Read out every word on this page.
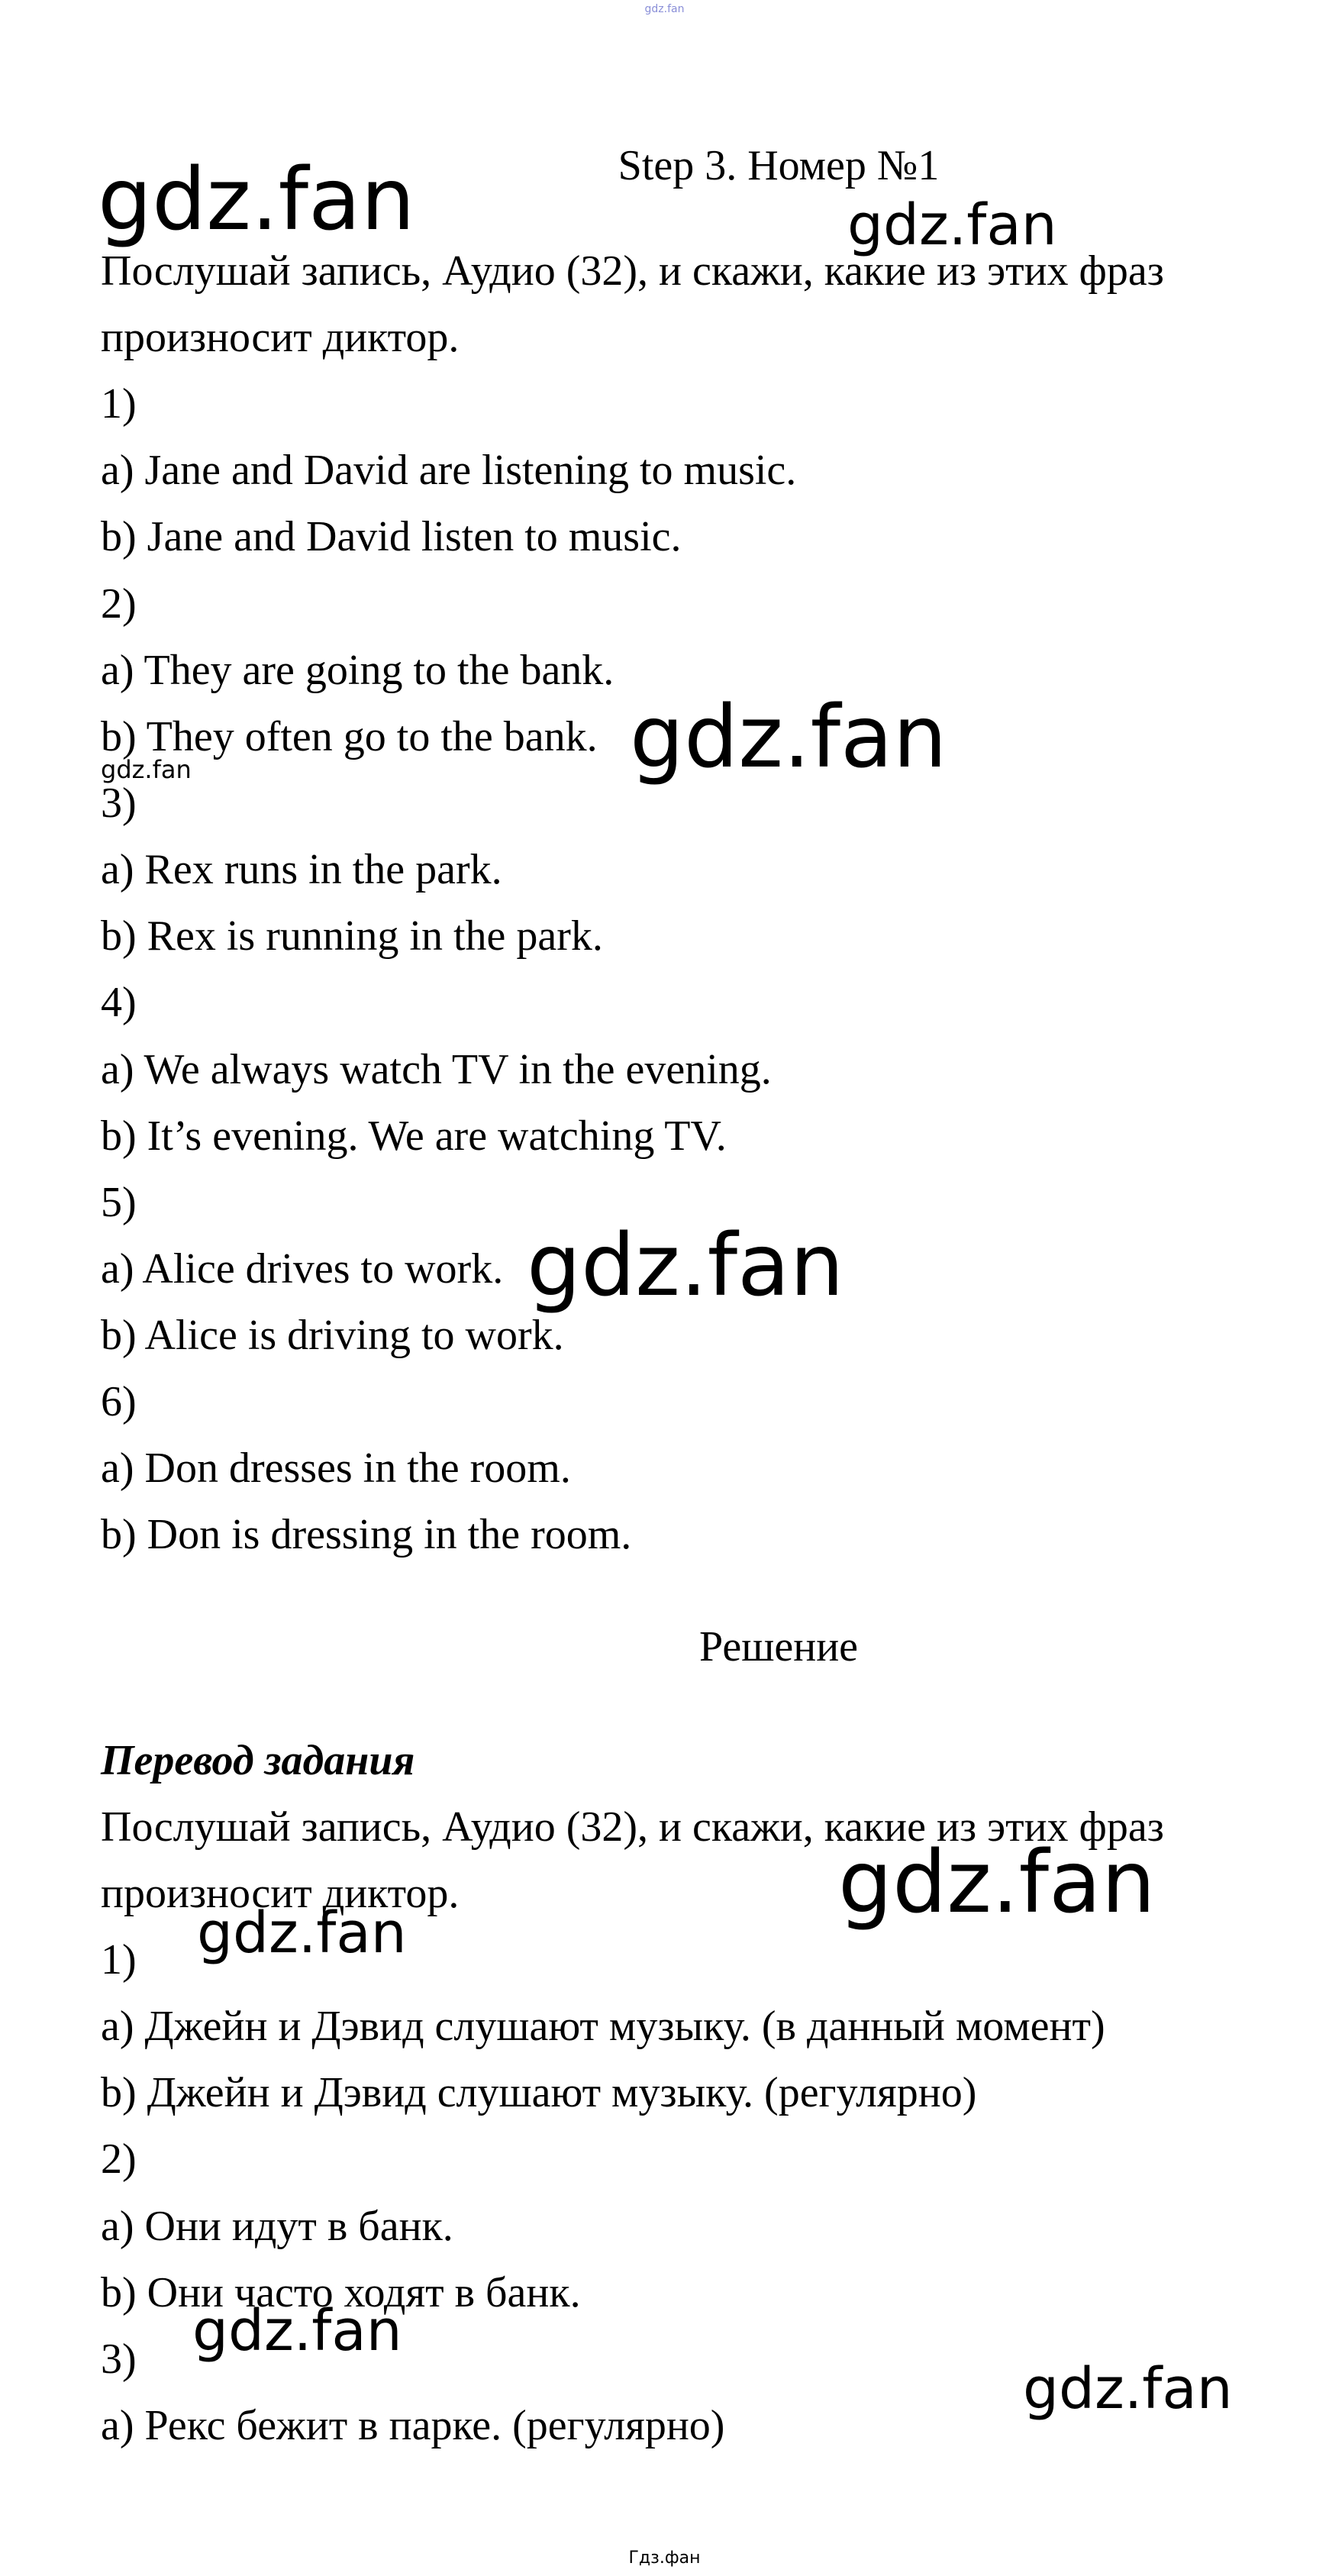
gdz.fan
Step 3. Номер №1
Послушай запись, Аудио (32), и скажи, какие из этих фраз
произносит диктор.
1)
a) Jane and David are listening to music.
b) Jane and David listen to music.
2)
a) They are going to the bank.
b) They often go to the bank.
3)
a) Rex runs in the park.
b) Rex is running in the park.
4)
a) We always watch TV in the evening.
b) It’s evening. We are watching TV.
5)
a) Alice drives to work.
b) Alice is driving to work.
6)
a) Don dresses in the room.
b) Don is dressing in the room.
Решение
Перевод задания
Послушай запись, Аудио (32), и скажи, какие из этих фраз
произносит диктор.
1)
a) Джейн и Дэвид слушают музыку. (в данный момент)
b) Джейн и Дэвид слушают музыку. (регулярно)
2)
a) Они идут в банк.
b) Они часто ходят в банк.
3)
a) Рекс бежит в парке. (регулярно)
gdz.fan	gdz.fan
gdz.fan
gdz.fan
gdz.fan
gdz.fan
gdz.fan
gdz.fan
gdz.fan
Гдз.фан
